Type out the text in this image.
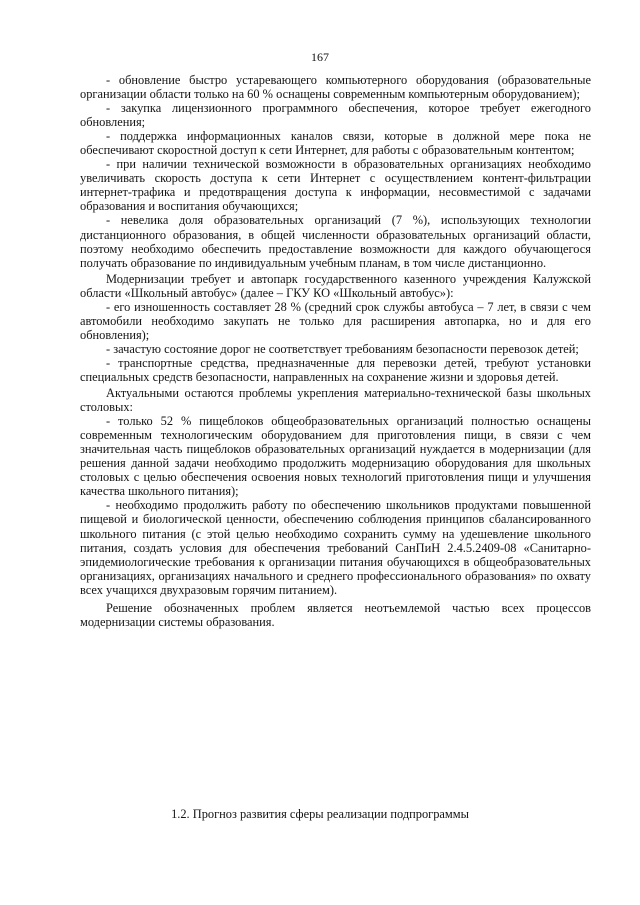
167

- обновление быстро устаревающего компьютерного оборудования (образовательные организации области только на 60 % оснащены современным компьютерным оборудованием);

- закупка лицензионного программного обеспечения, которое требует ежегодного обновления;

- поддержка информационных каналов связи, которые в должной мере пока не обеспечивают скоростной доступ к сети Интернет, для работы с образовательным контентом;

- при наличии технической возможности в образовательных организациях необходимо увеличивать скорость доступа к сети Интернет с осуществлением контент-фильтрации интернет-трафика и предотвращения доступа к информации, несовместимой с задачами образования и воспитания обучающихся;

- невелика доля образовательных организаций (7 %), использующих технологии дистанционного образования, в общей численности образовательных организаций области, поэтому необходимо обеспечить предоставление возможности для каждого обучающегося получать образование по индивидуальным учебным планам, в том числе дистанционно.

Модернизации требует и автопарк государственного казенного учреждения Калужской области «Школьный автобус» (далее – ГКУ КО «Школьный автобус»):

- его изношенность составляет 28 % (средний срок службы автобуса – 7 лет, в связи с чем автомобили необходимо закупать не только для расширения автопарка, но и для его обновления);

- зачастую состояние дорог не соответствует требованиям безопасности перевозок детей;

- транспортные средства, предназначенные для перевозки детей, требуют установки специальных средств безопасности, направленных на сохранение жизни и здоровья детей.

Актуальными остаются проблемы укрепления материально-технической базы школьных столовых:

- только 52 % пищеблоков общеобразовательных организаций полностью оснащены современным технологическим оборудованием для приготовления пищи, в связи с чем значительная часть пищеблоков образовательных организаций нуждается в модернизации (для решения данной задачи необходимо продолжить модернизацию оборудования для школьных столовых с целью обеспечения освоения новых технологий приготовления пищи и улучшения качества школьного питания);

- необходимо продолжить работу по обеспечению школьников продуктами повышенной пищевой и биологической ценности, обеспечению соблюдения принципов сбалансированного школьного питания (с этой целью необходимо сохранить сумму на удешевление школьного питания, создать условия для обеспечения требований СанПиН 2.4.5.2409-08 «Санитарно-эпидемиологические требования к организации питания обучающихся в общеобразовательных организациях, организациях начального и среднего профессионального образования» по охвату всех учащихся двухразовым горячим питанием).

Решение обозначенных проблем является неотъемлемой частью всех процессов модернизации системы образования.

1.2. Прогноз развития сферы реализации подпрограммы
